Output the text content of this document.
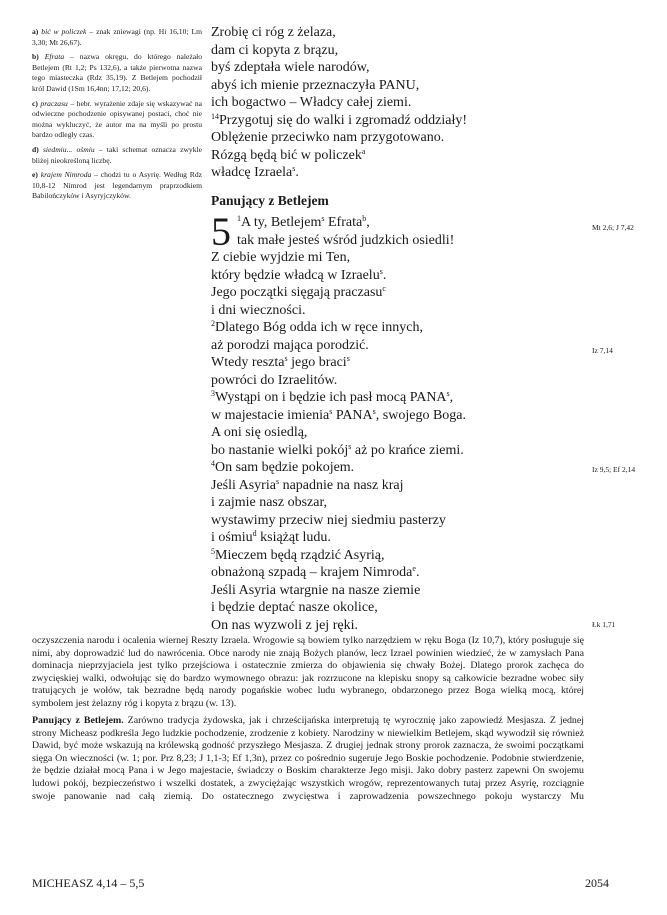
a) bić w policzek – znak zniewagi (np. Hi 16,10; Lm 3,30; Mt 26,67).

b) Efrata – nazwa okręgu, do którego należało Betlejem (Rt 1,2; Ps 132,6), a także pierwotna nazwa tego miasteczka (Rdz 35,19). Z Betlejem pochodził król Dawid (1Sm 16,4nn; 17,12; 20,6).

c) praczasu – hebr. wyrażenie zdaje się wskazywać na odwieczne pochodzenie opisywanej postaci, choć nie można wykluczyć, że autor ma na myśli po prostu bardzo odległy czas.

d) siedmiu... ośmiu – taki schemat oznacza zwykle bliżej nieokreśloną liczbę.

e) krajem Nimroda – chodzi tu o Asyrię. Według Rdz 10,8-12 Nimrod jest legendarnym praprzodkiem Babilończyków i Asyryjczyków.

Zrobię ci róg z żelaza,
dam ci kopyta z brązu,
byś zdeptała wiele narodów,
abyś ich mienie przeznaczyła PANU,
ich bogactwo – Władcy całej ziemi.
$^{14}$Przygotuj się do walki i zgromadź oddziały!
Oblężenie przeciwko nam przygotowano.
Rózgą będą bić w policzek$^a$
władcę Izraela$^s$.
Panujący z Betlejem
5 $^1$A ty, Betlejem$^s$ Efrata$^b$,
tak małe jesteś wśród judzkich osiedli!
Z ciebie wyjdzie mi Ten,
który będzie władcą w Izraelu$^s$.
Jego początki sięgają praczasu$^c$
i dni wieczności.
$^2$Dlatego Bóg odda ich w ręce innych,
aż porodzi mająca porodzić.
Wtedy reszta$^s$ jego braci$^s$
powróci do Izraelitów.
$^3$Wystąpi on i będzie ich pasł mocą PANA$^s$,
w majestacie imienia$^s$ PANA$^s$, swojego Boga.
A oni się osiedlą,
bo nastanie wielki pokój$^s$ aż po krańce ziemi.
$^4$On sam będzie pokojem.
Jeśli Asyria$^s$ napadnie na nasz kraj
i zajmie nasz obszar,
wystawimy przeciw niej siedmiu pasterzy
i ośmiu$^d$ książąt ludu.
$^5$Mieczem będą rządzić Asyrią,
obnażoną szpadą – krajem Nimroda$^e$.
Jeśli Asyria wtargnie na nasze ziemie
i będzie deptać nasze okolice,
On nas wyzwoli z jej ręki.
Mt 2,6; J 7,42
Iz 7,14
Iz 9,5; Ef 2,14
Łk 1,71

oczyszczenia narodu i ocalenia wiernej Reszty Izraela. Wrogowie są bowiem tylko narzędziem w ręku Boga (Iz 10,7), który posługuje się nimi, aby doprowadzić lud do nawrócenia. Obce narody nie znają Bożych planów, lecz Izrael powinien wiedzieć, że w zamysłach Pana dominacja nieprzyjaciela jest tylko przejściowa i ostatecznie zmierza do objawienia się chwały Bożej. Dlatego prorok zachęca do zwycięskiej walki, odwołując się do bardzo wymownego obrazu: jak rozrzucone na klepisku snopy są całkowicie bezradne wobec siły tratujących je wołów, tak bezradne będą narody pogańskie wobec ludu wybranego, obdarzonego przez Boga wielką mocą, której symbolem jest żelazny róg i kopyta z brązu (w. 13).

Panujący z Betlejem. Zarówno tradycja żydowska, jak i chrześcijańska interpretują tę wyrocznię jako zapowiedź Mesjasza. Z jednej strony Micheasz podkreśla Jego ludzkie pochodzenie, zrodzenie z kobiety. Narodziny w niewielkim Betlejem, skąd wywodził się również Dawid, być może wskazują na królewską godność przyszłego Mesjasza. Z drugiej jednak strony prorok zaznacza, że swoimi początkami sięga On wieczności (w. 1; por. Prz 8,23; J 1,1-3; Ef 1,3n), przez co pośrednio sugeruje Jego Boskie pochodzenie. Podobnie stwierdzenie, że będzie działał mocą Pana i w Jego majestacie, świadczy o Boskim charakterze Jego misji. Jako dobry pasterz zapewni On swojemu ludowi pokój, bezpieczeństwo i wszelki dostatek, a zwyciężając wszystkich wrogów, reprezentowanych tutaj przez Asyrię, rozciągnie swoje panowanie nad całą ziemią. Do ostatecznego zwycięstwa i zaprowadzenia powszechnego pokoju wystarczy Mu

MICHEASZ 4,14 – 5,5	2054
